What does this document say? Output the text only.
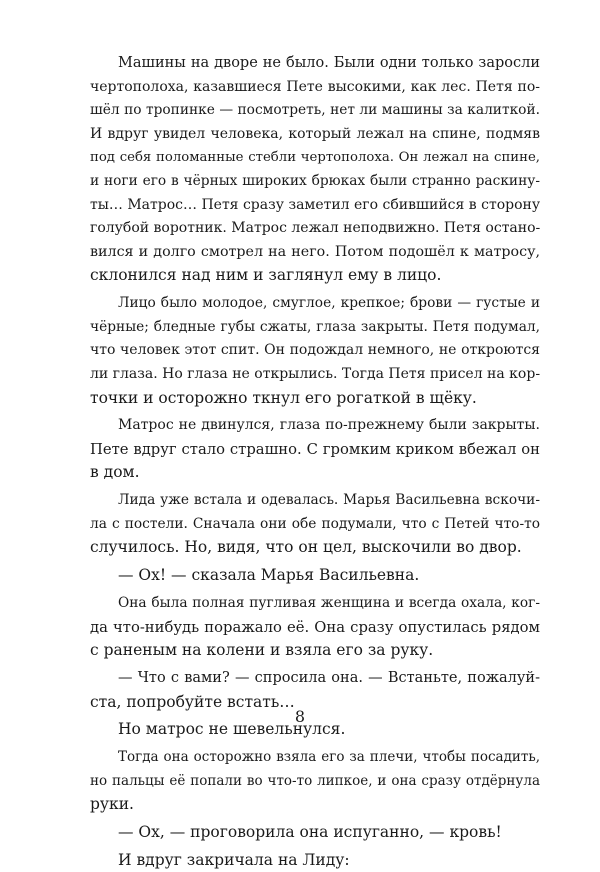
Машины на дворе не было. Были одни только заросли
чертополоха, казавшиеся Пете высокими, как лес. Петя по-
шёл по тропинке — посмотреть, нет ли машины за калиткой.
И вдруг увидел человека, который лежал на спине, подмяв
под себя поломанные стебли чертополоха. Он лежал на спине,
и ноги его в чёрных широких брюках были странно раскину-
ты… Матрос… Петя сразу заметил его сбившийся в сторону
голубой воротник. Матрос лежал неподвижно. Петя остано-
вился и долго смотрел на него. Потом подошёл к матросу,
склонился над ним и заглянул ему в лицо.
Лицо было молодое, смуглое, крепкое; брови — густые и
чёрные; бледные губы сжаты, глаза закрыты. Петя подумал,
что человек этот спит. Он подождал немного, не откроются
ли глаза. Но глаза не открылись. Тогда Петя присел на кор-
точки и осторожно ткнул его рогаткой в щёку.
Матрос не двинулся, глаза по-прежнему были закрыты.
Пете вдруг стало страшно. С громким криком вбежал он
в дом.
Лида уже встала и одевалась. Марья Васильевна вскочи-
ла с постели. Сначала они обе подумали, что с Петей что-то
случилось. Но, видя, что он цел, выскочили во двор.
— Ох! — сказала Марья Васильевна.
Она была полная пугливая женщина и всегда охала, ког-
да что-нибудь поражало её. Она сразу опустилась рядом
с раненым на колени и взяла его за руку.
— Что с вами? — спросила она. — Встаньте, пожалуй-
ста, попробуйте встать…
Но матрос не шевельнулся.
Тогда она осторожно взяла его за плечи, чтобы посадить,
но пальцы её попали во что-то липкое, и она сразу отдёрнула
руки.
— Ох, — проговорила она испуганно, — кровь!
И вдруг закричала на Лиду:
8
